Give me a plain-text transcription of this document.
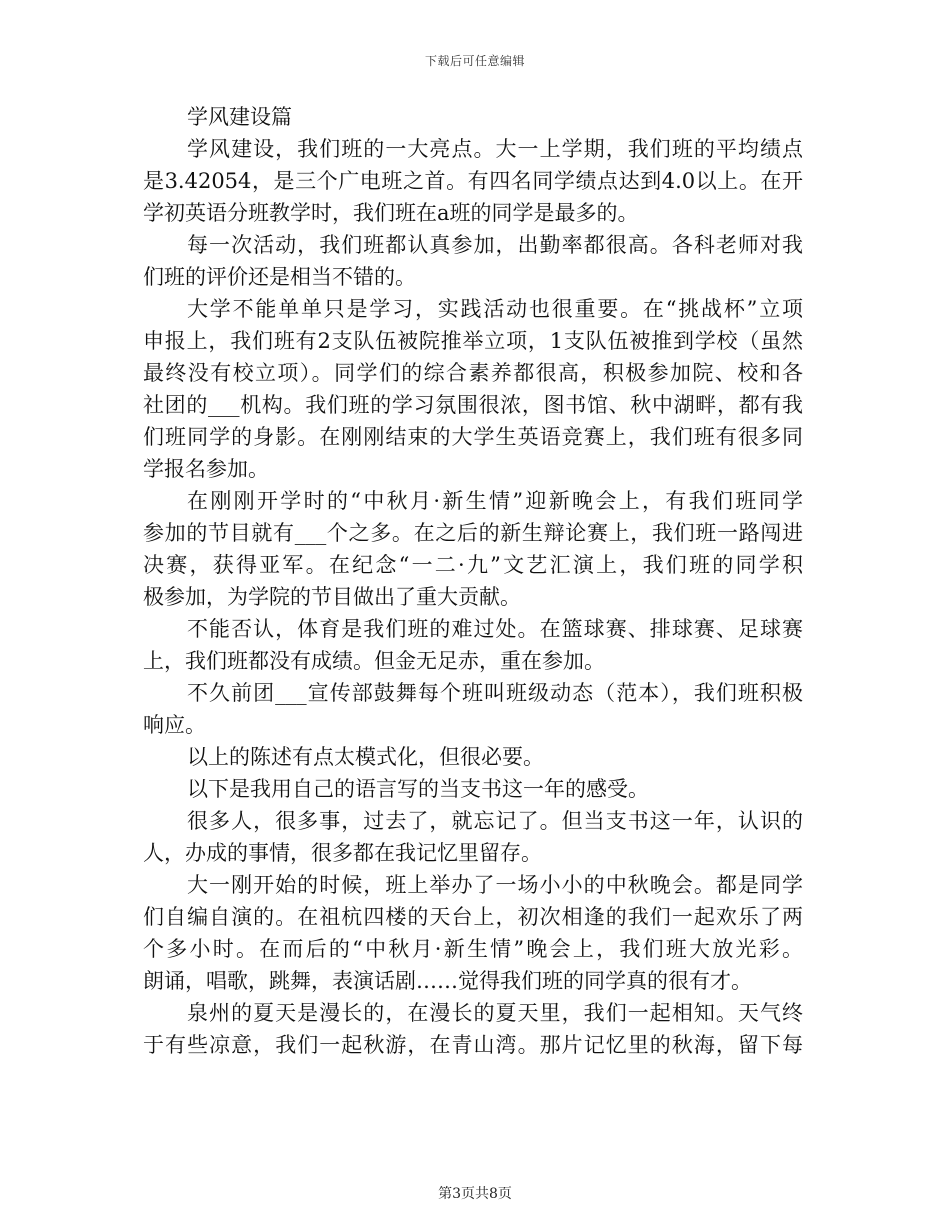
下载后可任意编辑
学风建设篇
学风建设，我们班的一大亮点。大一上学期，我们班的平均绩点
是3.42054，是三个广电班之首。有四名同学绩点达到4.0以上。在开
学初英语分班教学时，我们班在a班的同学是最多的。
每一次活动，我们班都认真参加，出勤率都很高。各科老师对我
们班的评价还是相当不错的。
大学不能单单只是学习，实践活动也很重要。在“挑战杯”立项
申报上，我们班有2支队伍被院推举立项，1支队伍被推到学校（虽然
最终没有校立项）。同学们的综合素养都很高，积极参加院、校和各
社团的___机构。我们班的学习氛围很浓，图书馆、秋中湖畔，都有我
们班同学的身影。在刚刚结束的大学生英语竞赛上，我们班有很多同
学报名参加。
在刚刚开学时的“中秋月·新生情”迎新晚会上，有我们班同学
参加的节目就有___个之多。在之后的新生辩论赛上，我们班一路闯进
决赛，获得亚军。在纪念“一二·九”文艺汇演上，我们班的同学积
极参加，为学院的节目做出了重大贡献。
不能否认，体育是我们班的难过处。在篮球赛、排球赛、足球赛
上，我们班都没有成绩。但金无足赤，重在参加。
不久前团___宣传部鼓舞每个班叫班级动态（范本），我们班积极
响应。
以上的陈述有点太模式化，但很必要。
以下是我用自己的语言写的当支书这一年的感受。
很多人，很多事，过去了，就忘记了。但当支书这一年，认识的
人，办成的事情，很多都在我记忆里留存。
大一刚开始的时候，班上举办了一场小小的中秋晚会。都是同学
们自编自演的。在祖杭四楼的天台上，初次相逢的我们一起欢乐了两
个多小时。在而后的“中秋月·新生情”晚会上，我们班大放光彩。
朗诵，唱歌，跳舞，表演话剧……觉得我们班的同学真的很有才。
泉州的夏天是漫长的，在漫长的夏天里，我们一起相知。天气终
于有些凉意，我们一起秋游，在青山湾。那片记忆里的秋海，留下每
第3页共8页
